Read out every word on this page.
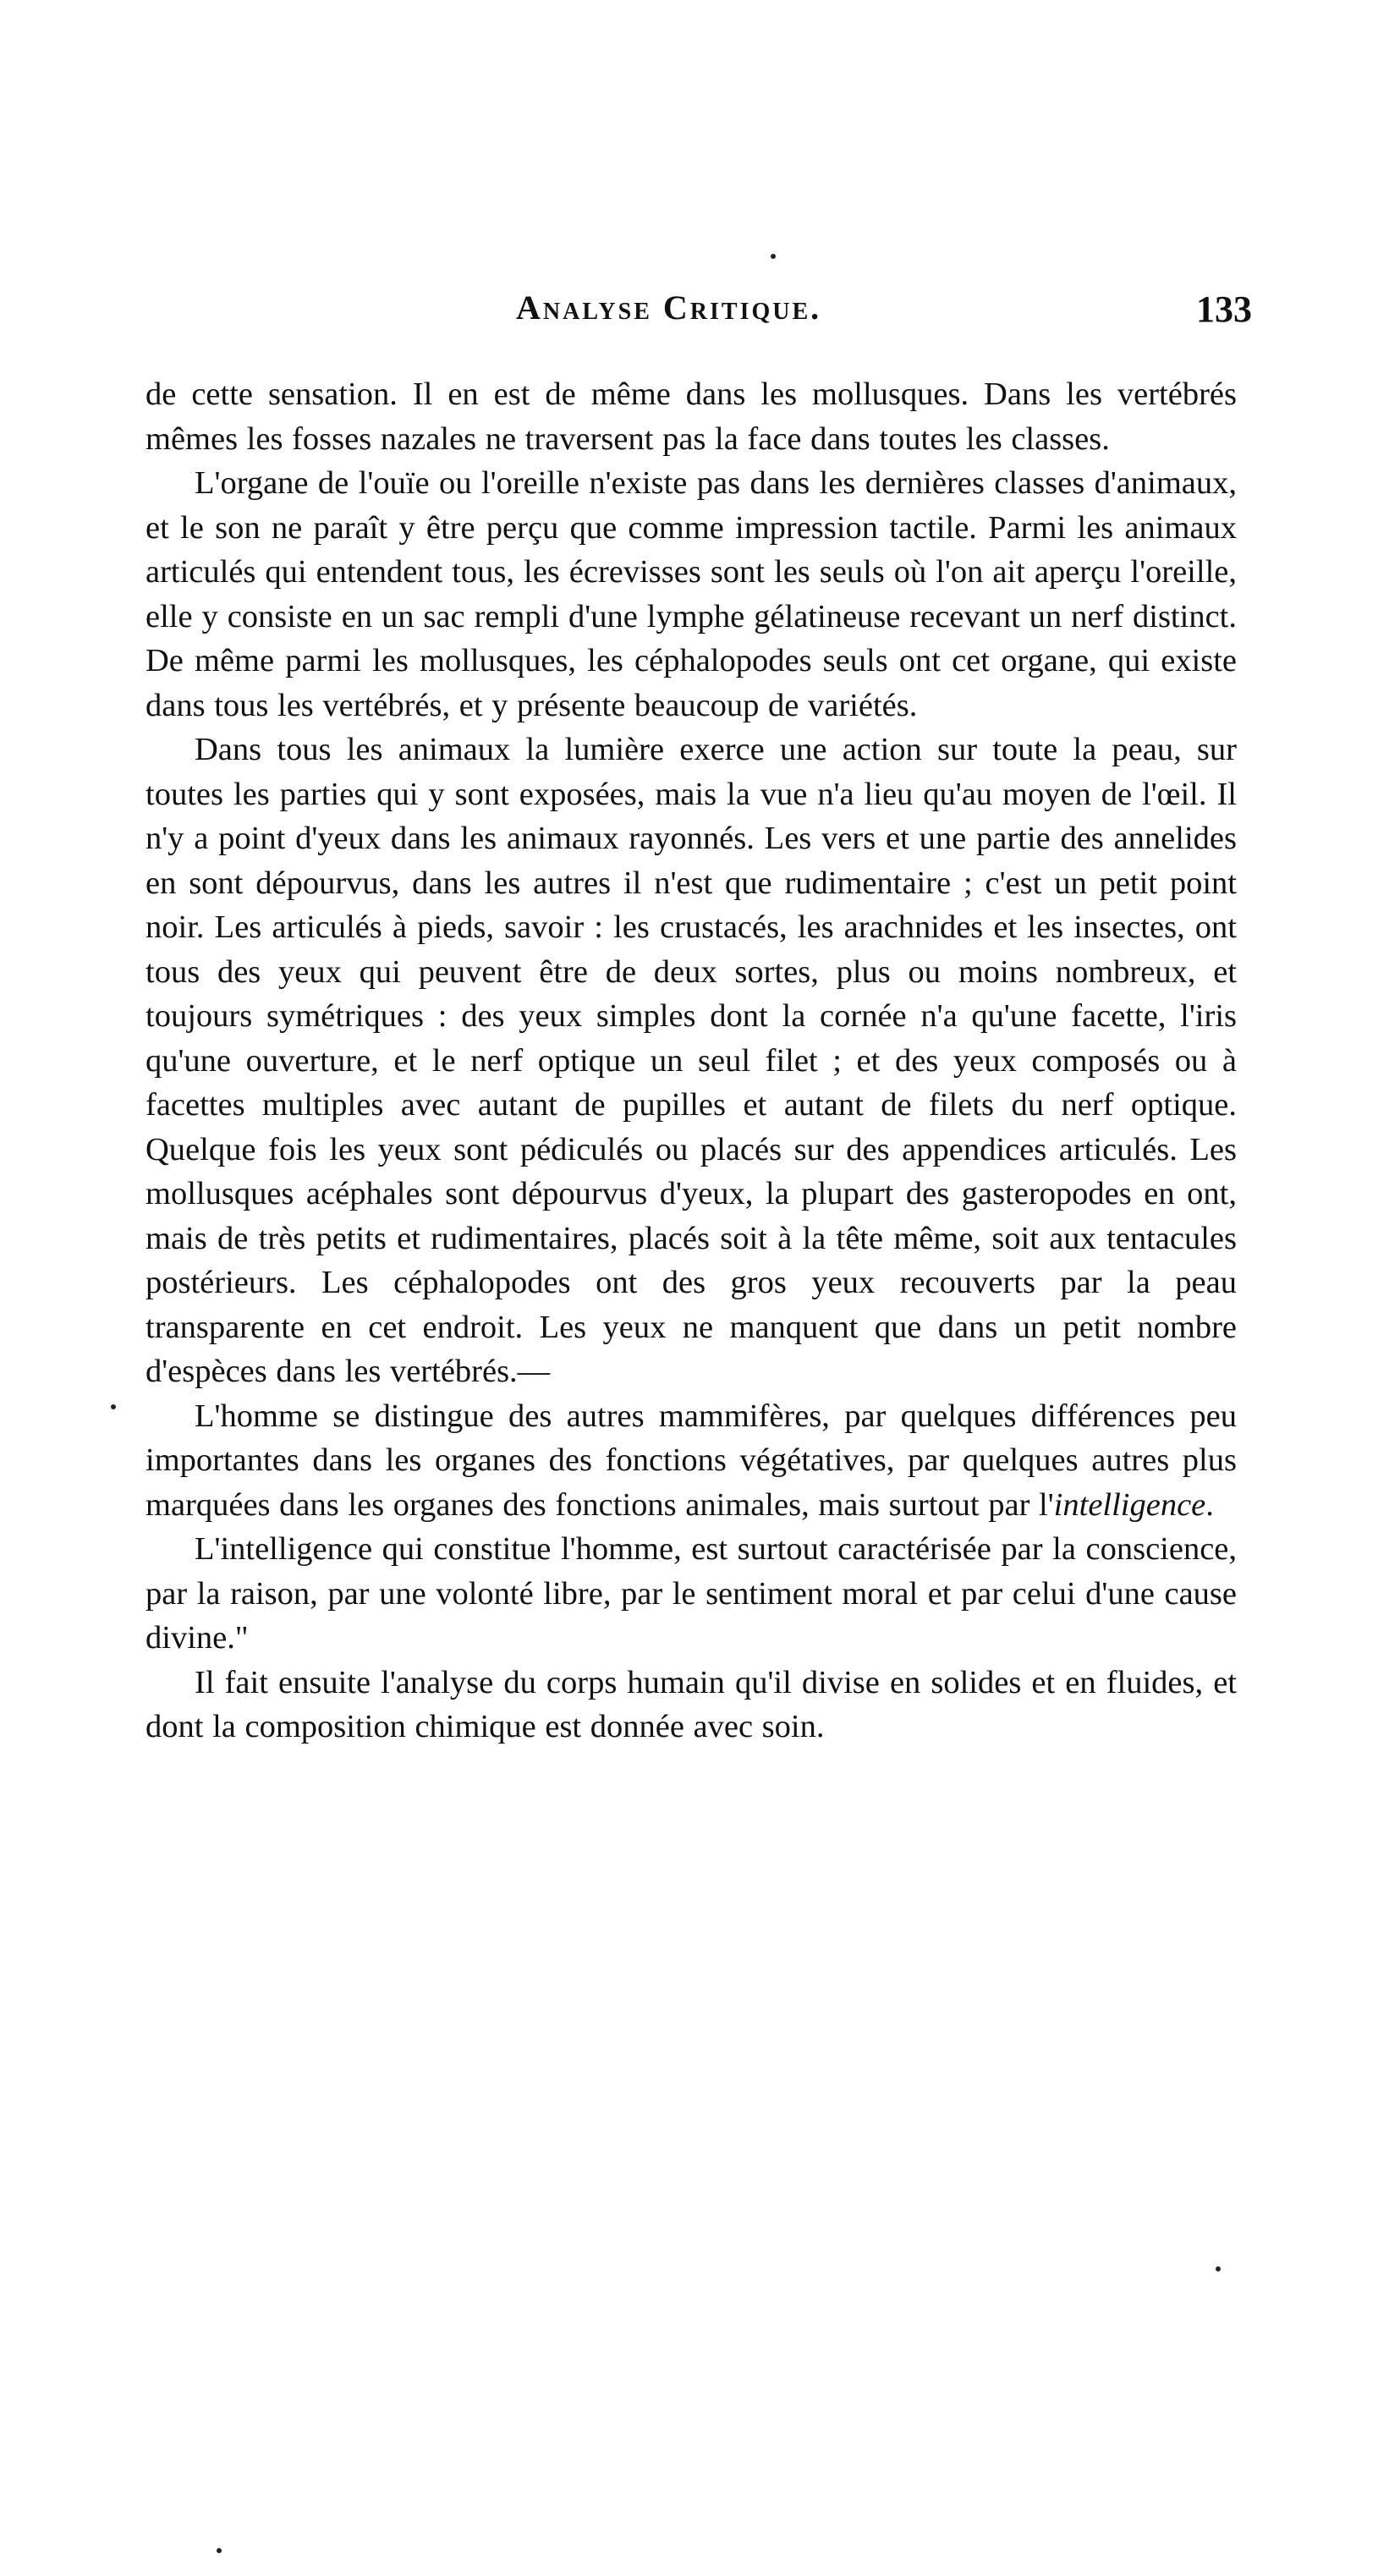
Analyse Critique.	133

de cette sensation. Il en est de même dans les mollusques. Dans les vertébrés mêmes les fosses nazales ne traversent pas la face dans toutes les classes.

L'organe de l'ouïe ou l'oreille n'existe pas dans les dernières classes d'animaux, et le son ne paraît y être perçu que comme impression tactile. Parmi les animaux articulés qui entendent tous, les écrevisses sont les seuls où l'on ait aperçu l'oreille, elle y consiste en un sac rempli d'une lymphe gélatineuse recevant un nerf distinct. De même parmi les mollusques, les céphalopodes seuls ont cet organe, qui existe dans tous les vertébrés, et y présente beaucoup de variétés.

Dans tous les animaux la lumière exerce une action sur toute la peau, sur toutes les parties qui y sont exposées, mais la vue n'a lieu qu'au moyen de l'œil. Il n'y a point d'yeux dans les animaux rayonnés. Les vers et une partie des annelides en sont dépourvus, dans les autres il n'est que rudimentaire ; c'est un petit point noir. Les articulés à pieds, savoir : les crustacés, les arachnides et les insectes, ont tous des yeux qui peuvent être de deux sortes, plus ou moins nombreux, et toujours symétriques : des yeux simples dont la cornée n'a qu'une facette, l'iris qu'une ouverture, et le nerf optique un seul filet ; et des yeux composés ou à facettes multiples avec autant de pupilles et autant de filets du nerf optique. Quelque fois les yeux sont pédiculés ou placés sur des appendices articulés. Les mollusques acéphales sont dépourvus d'yeux, la plupart des gasteropodes en ont, mais de très petits et rudimentaires, placés soit à la tête même, soit aux tentacules postérieurs. Les céphalopodes ont des gros yeux recouverts par la peau transparente en cet endroit. Les yeux ne manquent que dans un petit nombre d'espèces dans les vertébrés.—

L'homme se distingue des autres mammifères, par quelques différences peu importantes dans les organes des fonctions végétatives, par quelques autres plus marquées dans les organes des fonctions animales, mais surtout par l'intelligence.

L'intelligence qui constitue l'homme, est surtout caractérisée par la conscience, par la raison, par une volonté libre, par le sentiment moral et par celui d'une cause divine."

Il fait ensuite l'analyse du corps humain qu'il divise en solides et en fluides, et dont la composition chimique est donnée avec soin.
